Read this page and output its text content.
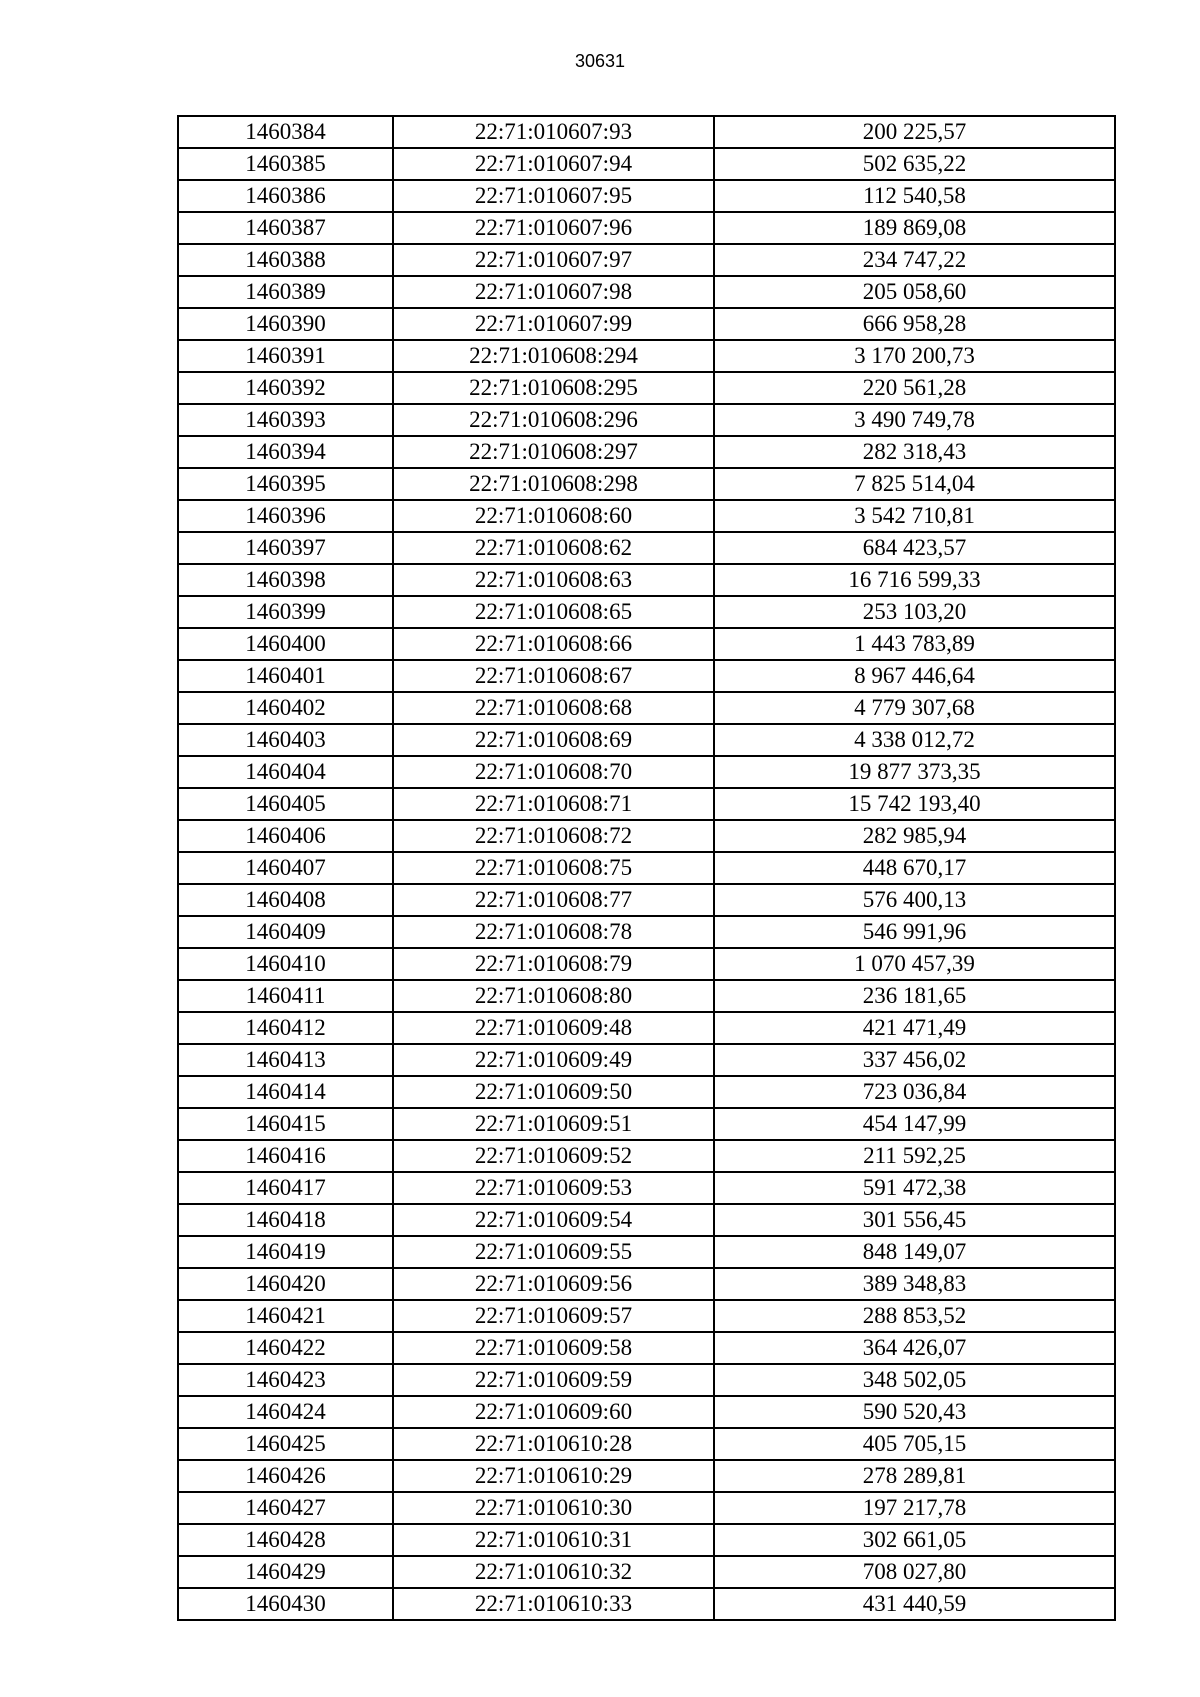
30631
1460384	22:71:010607:93	200 225,57
1460385	22:71:010607:94	502 635,22
1460386	22:71:010607:95	112 540,58
1460387	22:71:010607:96	189 869,08
1460388	22:71:010607:97	234 747,22
1460389	22:71:010607:98	205 058,60
1460390	22:71:010607:99	666 958,28
1460391	22:71:010608:294	3 170 200,73
1460392	22:71:010608:295	220 561,28
1460393	22:71:010608:296	3 490 749,78
1460394	22:71:010608:297	282 318,43
1460395	22:71:010608:298	7 825 514,04
1460396	22:71:010608:60	3 542 710,81
1460397	22:71:010608:62	684 423,57
1460398	22:71:010608:63	16 716 599,33
1460399	22:71:010608:65	253 103,20
1460400	22:71:010608:66	1 443 783,89
1460401	22:71:010608:67	8 967 446,64
1460402	22:71:010608:68	4 779 307,68
1460403	22:71:010608:69	4 338 012,72
1460404	22:71:010608:70	19 877 373,35
1460405	22:71:010608:71	15 742 193,40
1460406	22:71:010608:72	282 985,94
1460407	22:71:010608:75	448 670,17
1460408	22:71:010608:77	576 400,13
1460409	22:71:010608:78	546 991,96
1460410	22:71:010608:79	1 070 457,39
1460411	22:71:010608:80	236 181,65
1460412	22:71:010609:48	421 471,49
1460413	22:71:010609:49	337 456,02
1460414	22:71:010609:50	723 036,84
1460415	22:71:010609:51	454 147,99
1460416	22:71:010609:52	211 592,25
1460417	22:71:010609:53	591 472,38
1460418	22:71:010609:54	301 556,45
1460419	22:71:010609:55	848 149,07
1460420	22:71:010609:56	389 348,83
1460421	22:71:010609:57	288 853,52
1460422	22:71:010609:58	364 426,07
1460423	22:71:010609:59	348 502,05
1460424	22:71:010609:60	590 520,43
1460425	22:71:010610:28	405 705,15
1460426	22:71:010610:29	278 289,81
1460427	22:71:010610:30	197 217,78
1460428	22:71:010610:31	302 661,05
1460429	22:71:010610:32	708 027,80
1460430	22:71:010610:33	431 440,59
